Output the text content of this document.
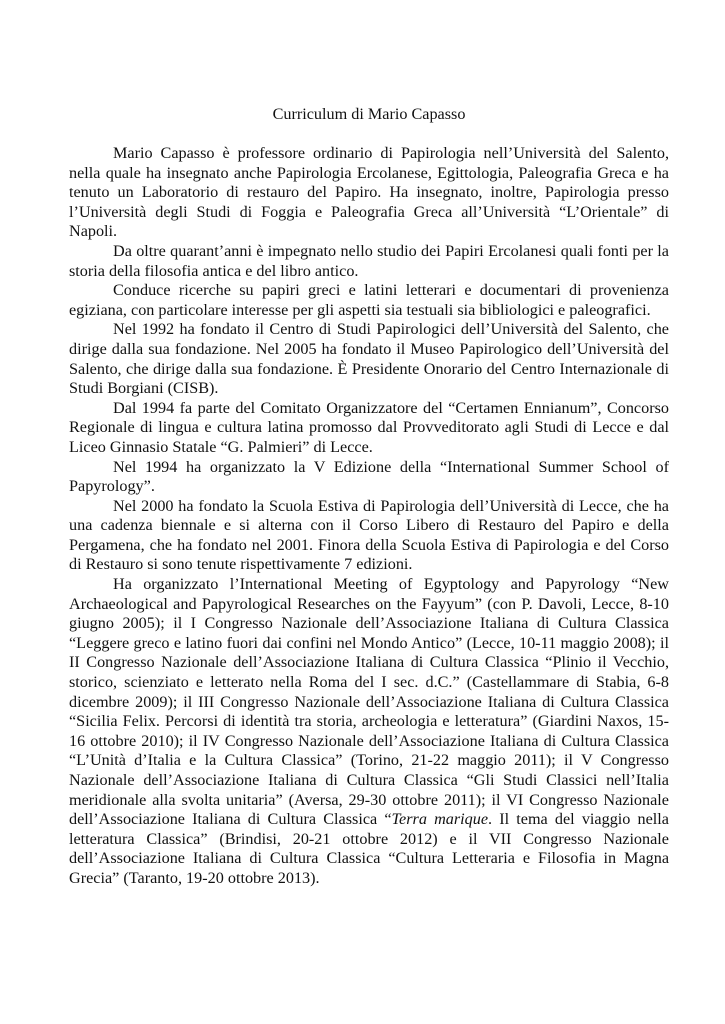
Curriculum di Mario Capasso

Mario Capasso è professore ordinario di Papirologia nell’Università del Salento, nella quale ha insegnato anche Papirologia Ercolanese, Egittologia, Paleografia Greca e ha tenuto un Laboratorio di restauro del Papiro. Ha insegnato, inoltre, Papirologia presso l’Università degli Studi di Foggia e Paleografia Greca all’Università “L’Orientale” di Napoli.

Da oltre quarant’anni è impegnato nello studio dei Papiri Ercolanesi quali fonti per la storia della filosofia antica e del libro antico.

Conduce ricerche su papiri greci e latini letterari e documentari di provenienza egiziana, con particolare interesse per gli aspetti sia testuali sia bibliologici e paleografici.

Nel 1992 ha fondato il Centro di Studi Papirologici dell’Università del Salento, che dirige dalla sua fondazione. Nel 2005 ha fondato il Museo Papirologico dell’Università del Salento, che dirige dalla sua fondazione. È Presidente Onorario del Centro Internazionale di Studi Borgiani (CISB).

Dal 1994 fa parte del Comitato Organizzatore del “Certamen Ennianum”, Concorso Regionale di lingua e cultura latina promosso dal Provveditorato agli Studi di Lecce e dal Liceo Ginnasio Statale “G. Palmieri” di Lecce.

Nel 1994 ha organizzato la V Edizione della “International Summer School of Papyrology”.

Nel 2000 ha fondato la Scuola Estiva di Papirologia dell’Università di Lecce, che ha una cadenza biennale e si alterna con il Corso Libero di Restauro del Papiro e della Pergamena, che ha fondato nel 2001. Finora della Scuola Estiva di Papirologia e del Corso di Restauro si sono tenute rispettivamente 7 edizioni.

Ha organizzato l’International Meeting of Egyptology and Papyrology “New Archaeological and Papyrological Researches on the Fayyum” (con P. Davoli, Lecce, 8-10 giugno 2005); il I Congresso Nazionale dell’Associazione Italiana di Cultura Classica “Leggere greco e latino fuori dai confini nel Mondo Antico” (Lecce, 10-11 maggio 2008); il II Congresso Nazionale dell’Associazione Italiana di Cultura Classica “Plinio il Vecchio, storico, scienziato e letterato nella Roma del I sec. d.C.” (Castellammare di Stabia, 6-8 dicembre 2009); il III Congresso Nazionale dell’Associazione Italiana di Cultura Classica “Sicilia Felix. Percorsi di identità tra storia, archeologia e letteratura” (Giardini Naxos, 15-16 ottobre 2010); il IV Congresso Nazionale dell’Associazione Italiana di Cultura Classica “L’Unità d’Italia e la Cultura Classica” (Torino, 21-22 maggio 2011); il V Congresso Nazionale dell’Associazione Italiana di Cultura Classica “Gli Studi Classici nell’Italia meridionale alla svolta unitaria” (Aversa, 29-30 ottobre 2011); il VI Congresso Nazionale dell’Associazione Italiana di Cultura Classica “Terra marique. Il tema del viaggio nella letteratura Classica” (Brindisi, 20-21 ottobre 2012) e il VII Congresso Nazionale dell’Associazione Italiana di Cultura Classica “Cultura Letteraria e Filosofia in Magna Grecia” (Taranto, 19-20 ottobre 2013).
